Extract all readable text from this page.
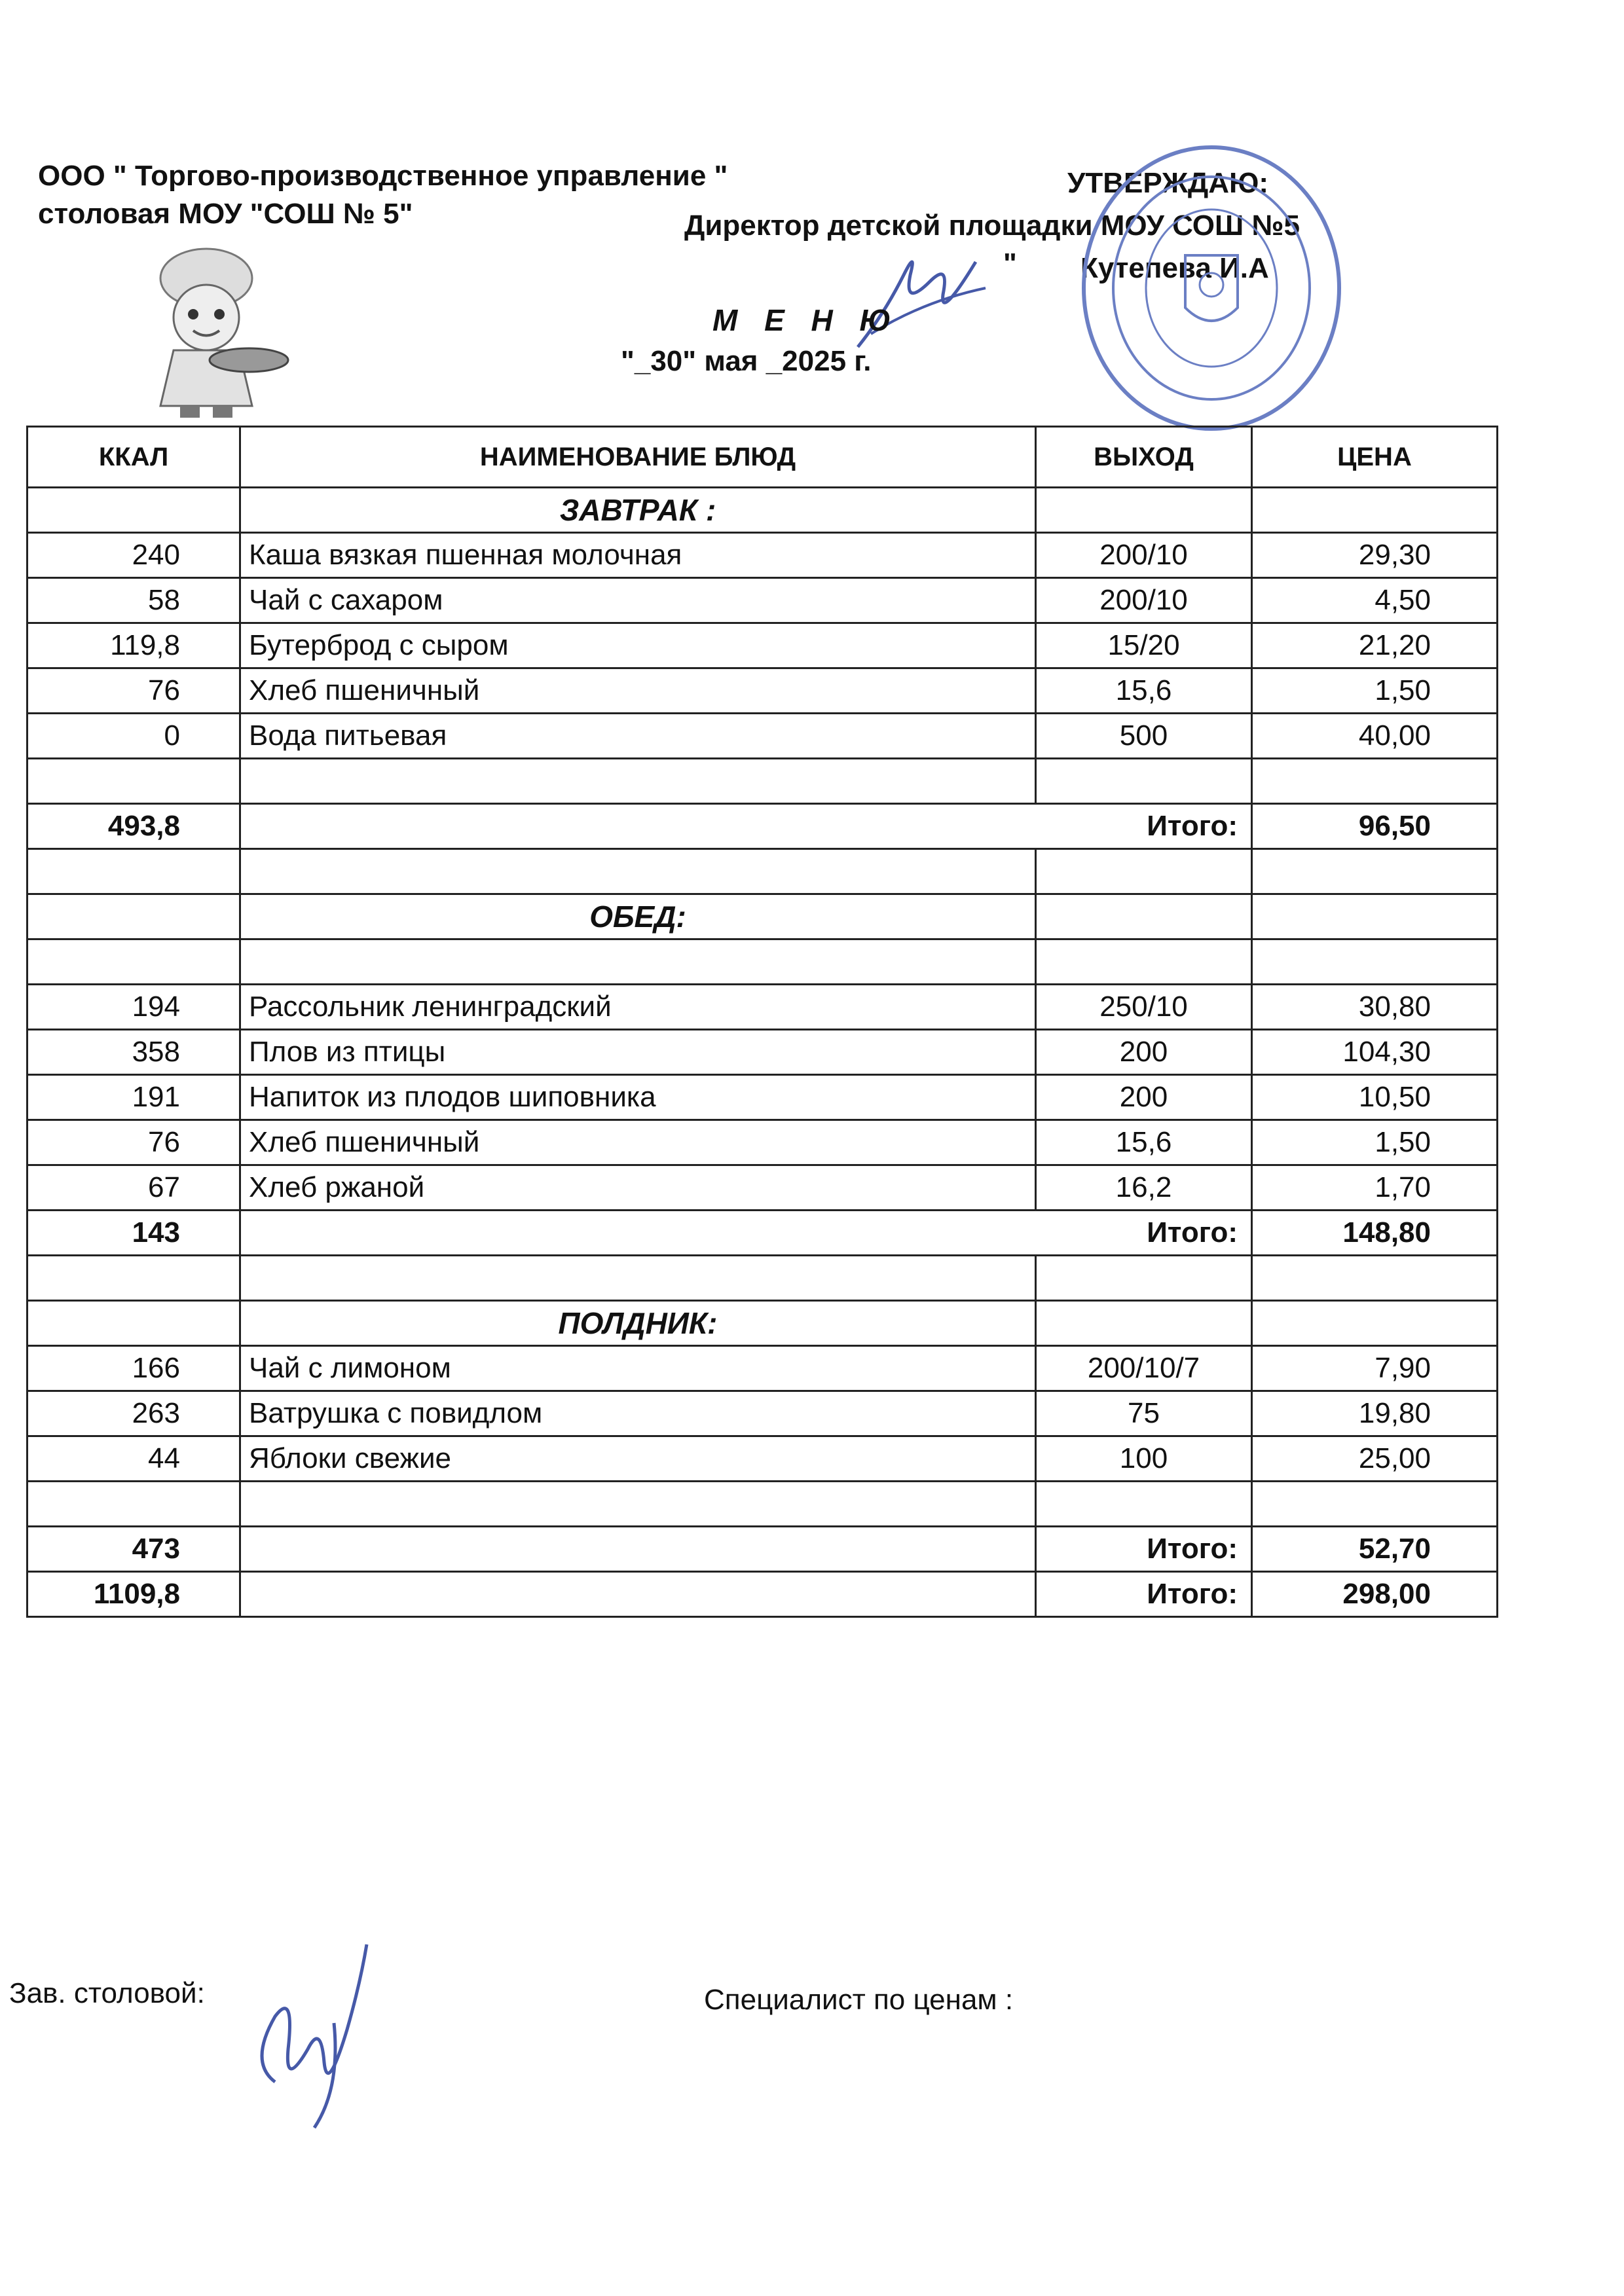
ООО " Торгово-производственное управление "
столовая МОУ "СОШ № 5"
УТВЕРЖДАЮ:
Директор детской площадки МОУ СОШ №5
" Кутепева И.А
М Е Н Ю
"_30" мая _2025 г.
ККАЛ	НАИМЕНОВАНИЕ БЛЮД	ВЫХОД	ЦЕНА
	ЗАВТРАК :		
240	Каша вязкая пшенная молочная	200/10	29,30
58	Чай с сахаром	200/10	4,50
119,8	Бутерброд с сыром	15/20	21,20
76	Хлеб пшеничный	15,6	1,50
0	Вода питьевая	500	40,00

493,8	Итого:		96,50

	ОБЕД:		

194	Рассольник ленинградский	250/10	30,80
358	Плов из птицы	200	104,30
191	Напиток из плодов шиповника	200	10,50
76	Хлеб пшеничный	15,6	1,50
67	Хлеб ржаной	16,2	1,70
143	Итого:		148,80

	ПОЛДНИК:		
166	Чай с лимоном	200/10/7	7,90
263	Ватрушка с повидлом	75	19,80
44	Яблоки свежие	100	25,00

473		Итого:	52,70
1109,8		Итого:	298,00
Зав. столовой:	Специалист по ценам :
